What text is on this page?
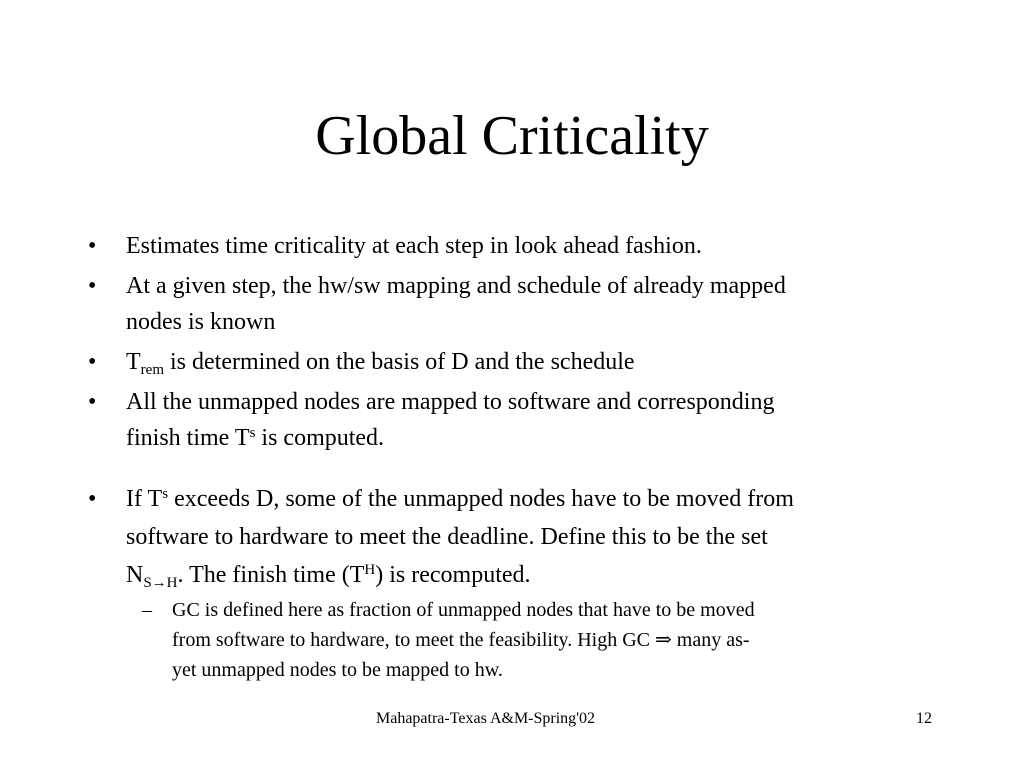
Global Criticality
• Estimates time criticality at each step in look ahead fashion.
• At a given step, the hw/sw mapping and schedule of already mapped
nodes is known
• $T_{rem}$ is determined on the basis of D and the schedule
• All the unmapped nodes are mapped to software and corresponding
finish time $T^s$ is computed.
• If $T^s$ exceeds D, some of the unmapped nodes have to be moved from
software to hardware to meet the deadline. Define this to be the set
$N_{S\to H}$. The finish time $(T^H)$ is recomputed.
– GC is defined here as fraction of unmapped nodes that have to be moved
from software to hardware, to meet the feasibility. High GC ⇒ many as-
yet unmapped nodes to be mapped to hw.
Mahapatra-Texas A&M-Spring'02	12
